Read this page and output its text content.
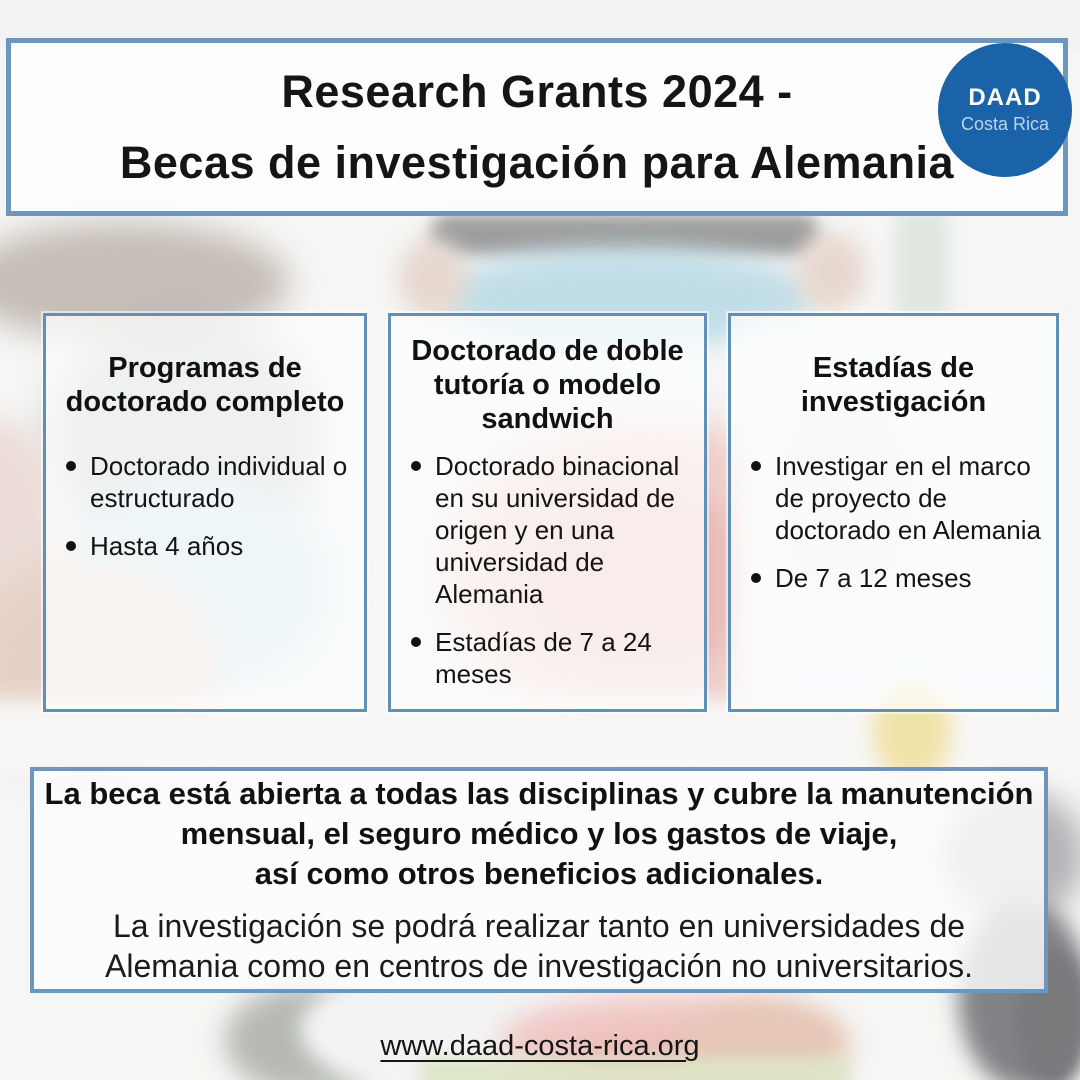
Research Grants 2024 -
Becas de investigación para Alemania
DAAD
Costa Rica
Programas de doctorado completo
Doctorado individual o estructurado
Hasta 4 años
Doctorado de doble tutoría o modelo sandwich
Doctorado binacional en su universidad de origen y en una universidad de Alemania
Estadías de 7 a 24 meses
Estadías de investigación
Investigar en el marco de proyecto de doctorado en Alemania
De 7 a 12 meses
La beca está abierta a todas las disciplinas y cubre la manutención
mensual, el seguro médico y los gastos de viaje,
así como otros beneficios adicionales.
La investigación se podrá realizar tanto en universidades de
Alemania como en centros de investigación no universitarios.
www.daad-costa-rica.org
